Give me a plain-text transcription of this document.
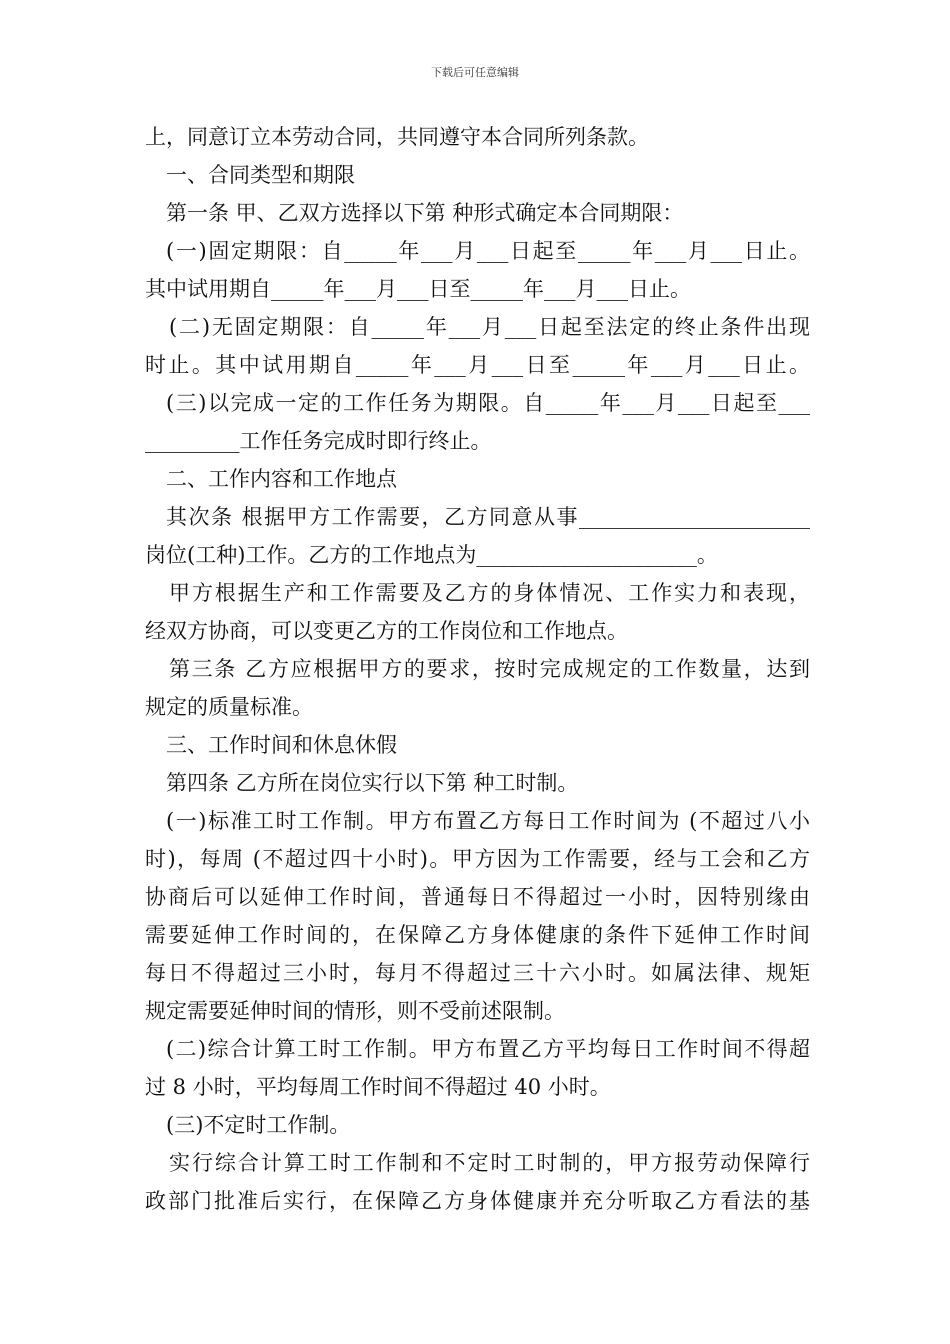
下载后可任意编辑
上，同意订立本劳动合同，共同遵守本合同所列条款。
一、合同类型和期限
第一条 甲、乙双方选择以下第 种形式确定本合同期限：
(一)固定期限：自_____年___月___日起至_____年___月___日止。
其中试用期自_____年___月___日至_____年___月___日止。
(二)无固定期限：自_____年___月___日起至法定的终止条件出现
时止。其中试用期自_____年___月___日至_____年___月___日止。
(三)以完成一定的工作任务为期限。自_____年___月___日起至___
_________工作任务完成时即行终止。
二、工作内容和工作地点
其次条 根据甲方工作需要，乙方同意从事______________________
岗位(工种)工作。乙方的工作地点为_____________________。
甲方根据生产和工作需要及乙方的身体情况、工作实力和表现，
经双方协商，可以变更乙方的工作岗位和工作地点。
第三条 乙方应根据甲方的要求，按时完成规定的工作数量，达到
规定的质量标准。
三、工作时间和休息休假
第四条 乙方所在岗位实行以下第 种工时制。
(一)标准工时工作制。甲方布置乙方每日工作时间为 (不超过八小
时)，每周 (不超过四十小时)。甲方因为工作需要，经与工会和乙方
协商后可以延伸工作时间，普通每日不得超过一小时，因特别缘由
需要延伸工作时间的，在保障乙方身体健康的条件下延伸工作时间
每日不得超过三小时，每月不得超过三十六小时。如属法律、规矩
规定需要延伸时间的情形，则不受前述限制。
(二)综合计算工时工作制。甲方布置乙方平均每日工作时间不得超
过 8 小时，平均每周工作时间不得超过 40 小时。
(三)不定时工作制。
实行综合计算工时工作制和不定时工时制的，甲方报劳动保障行
政部门批准后实行，在保障乙方身体健康并充分听取乙方看法的基
